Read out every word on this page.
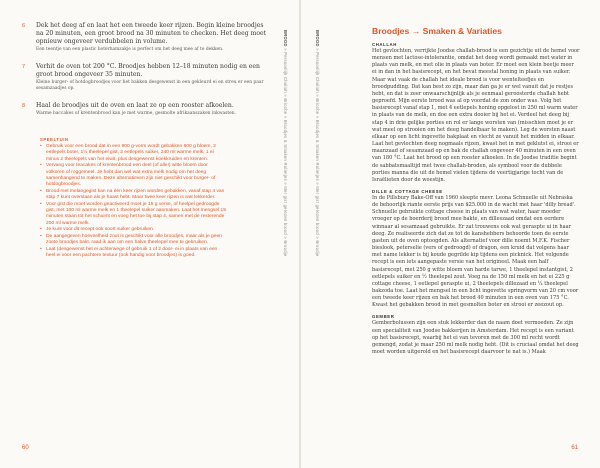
6 Dek het deeg af en laat het een tweede keer rijzen. Begin kleine broodjes na 20 minuten, een groot brood na 30 minuten te checken. Het deeg moet opnieuw ongeveer verdubbelen in volume.
Een teentje van een plastic boterhamzakje is perfect om het deeg mee af te dekken.
7 Verhit de oven tot 200 °C. Broodjes hebben 12–18 minuten nodig en een groot brood ongeveer 35 minuten.
Kleine burger- of hotdogbroodjes voor het bakken desgewenst in een gekleurd ei en streu er een paar sesamzaadjes op.
8 Haal de broodjes uit de oven en laat ze op een rooster afkoelen.
Warme baccakes of krentenbrood kan je met warme, gesmolte afrikaanszaken inkwasten.
SPEELTUIN
• Gebruik voor een brood dat in een 900 g-vorm wordt gebakken 600 g bloem, 2 eetlepels boter, 1½ theelepel gist, 2 eetlepels suiker, 240 ml warme melk, 1 ei minus 2 theelepels van het eiwit, plus desgewenst koekkruiden en krenten.
• Vervang voor teacakes of krentenbrood een deel (of alle!) witte bloem door volkoren of roggemeel. Je hebt dan wel wat extra melk nodig om het deeg samenhangend te maken. Deze alternatieven zijn niet geschikt voor burger- of hotdogbroodjes.
• Brood met melangegist kan na één keer rijzen worden gebakken, vanaf stap 4 van stap 7 kunt overslaan als je haast hebt. Maar twee keer rijzen is wat lekkerder.
• Voor gist die moet worden geactiveerd moet je 15 g verse, of heelpel gedroogde gist, met 100 ml warme melk en 1 theelepel suiker aanmaken. Laat het mengsel 15 minuten staan tot het schuimt en voeg het toe bij stap 4, samen met de resterende 200 ml warme melk.
• Je kunt voor dit recept ook soort suiker gebruiken.
• De aangegeven hoeveelheid zout is geschikt voor alle broodjes, maar als je geen zoete broodjes bakt, raad ik aan om een halve theelepel mee te gebruiken.
• Laat (desgewenst het ei achterwege of gebruik 1 of 2 door- ei in plaats van een heel ei voor een pachtere textuur (ook handig voor broodjes) is goed.
BROOD » Persoonlijk Chaliah » Brioche » Broodjes & Smaken Rolletjes » Met gist gerezen brood » Broodje
60	61
BROOD » Persoonlijk Chaliah » Brioche » Broodjes & Smaken Rolletjes » Met gist gerezen brood » Broodje
Broodjes → Smaken & Variaties
CHALLAH

Het gevlochten, verrijkte Joodse challah-brood is een gezichtje uit de hemel voor mensen met lactose-intolerantie, omdat het deeg wordt gemaakt met water in plaats van melk, en met olie in plaats van boter. Er moet een klein beetje meer ei in dan in het basisrecept, en het bevat meestal honing in plaats van suiker. Maar wat vaak de challah het ideale brood is voor wentelteefjes en broodpudding. Dat kan best zo zijn, maar dan ga je er wel vanuit dat je restjes hebt, en dat is zeer onwaarschijnlijk als je eenmaal geroosterde challah hebt geproefd. Mijn eerste brood was al op voordat de zon onder was. Volg het basisrecept vanaf stap 1, met 4 eetlepels honing opgelost in 250 ml warm water in plaats van de melk, en doe een extra dooier bij het ei. Verdeel het deeg bij stap 4 in drie gelijke porties en rol er lange worsten van (misschien moet je er wat meel op strooien om het deeg handelbaar te maken). Leg de worsten naast elkaar op een licht ingevette bakplaat en vlecht ze vanuit het midden in elkaar. Laat het gevlochten deeg nogmaals rijzen, kwast het in met geklutst ei, strooi er maanzaad of sesamzaad op en bak de challah ongeveer 40 minuten in een oven van 180 °C. Laat het brood op een rooster afkoelen. In de Joodse traditie begint de sabbatsmaaltijd met twee challah-broden, als symbool voor de dubbele porties manna die uit de hemel vielen tijdens de veertigjarige tocht van de Israëlieten door de woestijn.

DILLE & COTTAGE CHEESE

In de Pillsbury Bake-Off van 1960 sleepte mevr. Leona Schnuelle uit Nebraska de behoorlijk riante eerste prijs van $25.000 in de wacht met haar 'dilly bread'. Schnuelle gebruikte cottage cheese in plaats van wat water, haar moeder vroeger op de boerderij brood mee bakte, en dilleszaad omdat een eerdere winnaar al sesamzaad gebruikte. Er zat trouwens ook wat geraspte ui in haar deeg. Ze realiseerde zich dat ze tot de kanshebbers behoorde toen de eerste gasten uit de oven optoogden. Als alternatief voor dille noemt M.F.K. Fischer bieslook, peterselie (vers of gedroogd) of dragon, een kruid dat volgens haar met name lekker is bij koude gegrilde kip tijdens een picknick. Het volgende recept is een iets aangepaste versie van het origineel. Maak een half basisrecept, met 250 g witte bloem van harde tarwe, 1 theelepel instantgist, 2 eetlepels suiker en ½ theelepel zout. Voeg na de 150 ml melk en het ei 225 g cottage cheese, 1 eetlepel geraspte ui, 2 theelepels dillezaad en ¼ theelepel bakzoda toe. Laat het mengsel in een licht ingevette springvorm van 20 cm voor een tweede keer rijzen en bak het brood 40 minuten in een oven van 175 °C. Kwast het gebakken brood in met gesmolten boter en strooi er zeezout op.

GEMBER

Gemberbolussen zijn een stuk lekkerder dan de naam doet vermoeden. Ze zijn een specialiteit van Joodse bakkerijen in Amsterdam. Het recept is een variant op het basisrecept, waarbij het ei van tevoren met de 300 ml recht wordt gemengd, zodat je maar 250 ml melk nodig hebt. (Dit is cruciaal omdat het deeg moet worden uitgerold en het basisrecept daarvoor te nat is.) Maak
